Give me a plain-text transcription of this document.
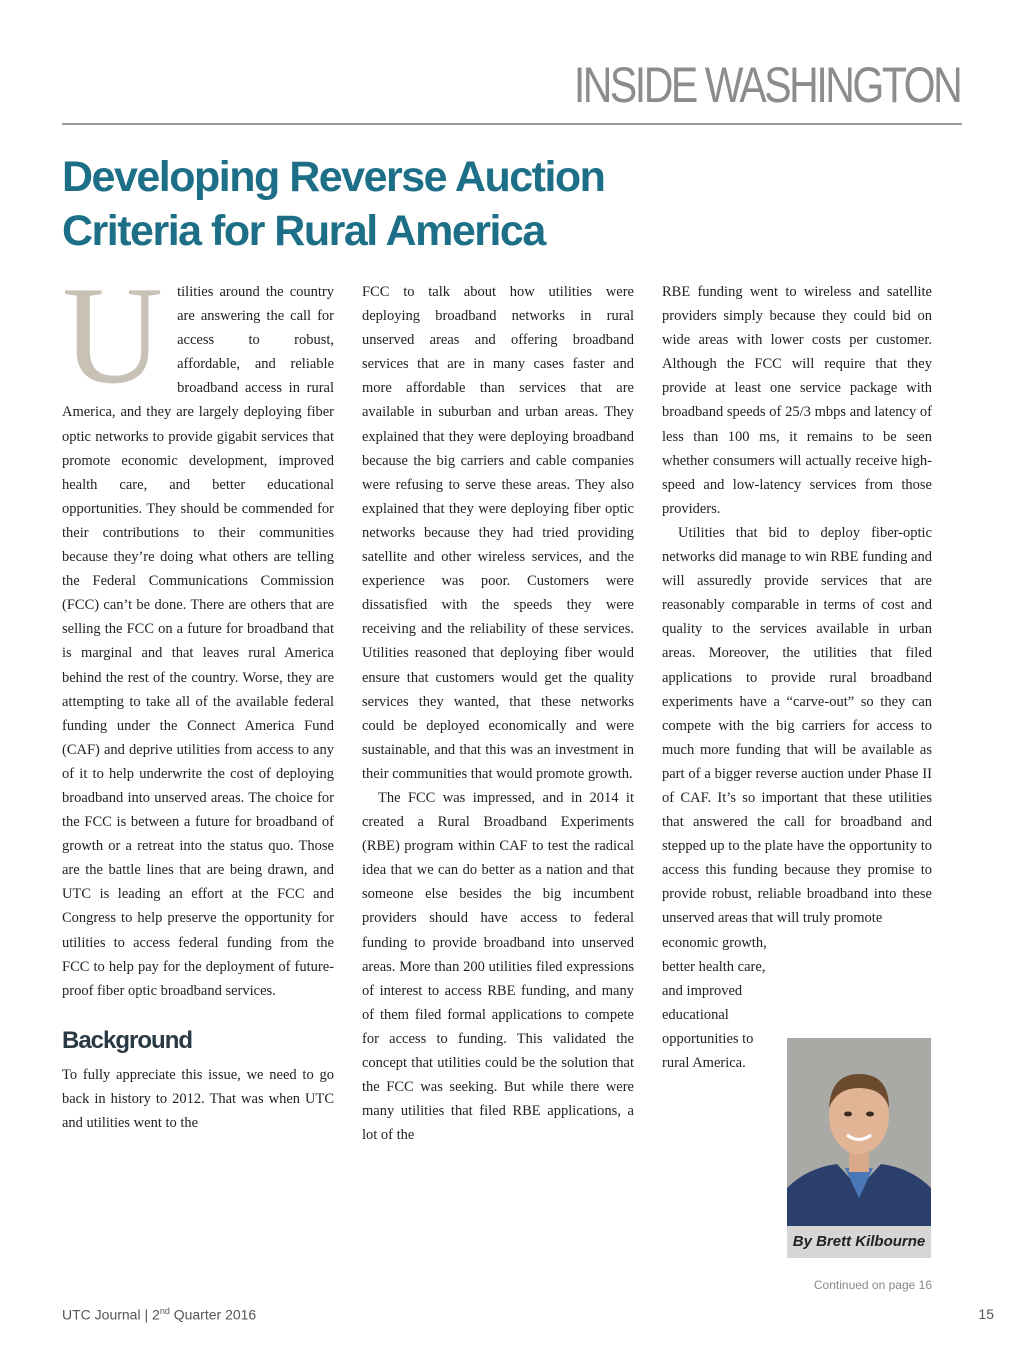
INSIDE WASHINGTON
Developing Reverse Auction
Criteria for Rural America

Utilities around the country are answering the call for access to robust, affordable, and reliable broadband access in rural America, and they are largely deploying fiber optic networks to provide gigabit services that promote economic development, improved health care, and better educational opportunities. They should be commended for their contributions to their communities because they’re doing what others are telling the Federal Communications Commission (FCC) can’t be done. There are others that are selling the FCC on a future for broadband that is marginal and that leaves rural America behind the rest of the country. Worse, they are attempting to take all of the available federal funding under the Connect America Fund (CAF) and deprive utilities from access to any of it to help underwrite the cost of deploying broadband into unserved areas. The choice for the FCC is between a future for broadband of growth or a retreat into the status quo. Those are the battle lines that are being drawn, and UTC is leading an effort at the FCC and Congress to help preserve the opportunity for utilities to access federal funding from the FCC to help pay for the deployment of future-proof fiber optic broadband services.

Background

To fully appreciate this issue, we need to go back in history to 2012. That was when UTC and utilities went to the

FCC to talk about how utilities were deploying broadband networks in rural unserved areas and offering broadband services that are in many cases faster and more affordable than services that are available in suburban and urban areas. They explained that they were deploying broadband because the big carriers and cable companies were refusing to serve these areas. They also explained that they were deploying fiber optic networks because they had tried providing satellite and other wireless services, and the experience was poor. Customers were dissatisfied with the speeds they were receiving and the reliability of these services. Utilities reasoned that deploying fiber would ensure that customers would get the quality services they wanted, that these networks could be deployed economically and were sustainable, and that this was an investment in their communities that would promote growth.

The FCC was impressed, and in 2014 it created a Rural Broadband Experiments (RBE) program within CAF to test the radical idea that we can do better as a nation and that someone else besides the big incumbent providers should have access to federal funding to provide broadband into unserved areas. More than 200 utilities filed expressions of interest to access RBE funding, and many of them filed formal applications to compete for access to funding. This validated the concept that utilities could be the solution that the FCC was seeking. But while there were many utilities that filed RBE applications, a lot of the

RBE funding went to wireless and satellite providers simply because they could bid on wide areas with lower costs per customer. Although the FCC will require that they provide at least one service package with broadband speeds of 25/3 mbps and latency of less than 100 ms, it remains to be seen whether consumers will actually receive high-speed and low-latency services from those providers.

Utilities that bid to deploy fiber-optic networks did manage to win RBE funding and will assuredly provide services that are reasonably comparable in terms of cost and quality to the services available in urban areas. Moreover, the utilities that filed applications to provide rural broadband experiments have a “carve-out” so they can compete with the big carriers for access to much more funding that will be available as part of a bigger reverse auction under Phase II of CAF. It’s so important that these utilities that answered the call for broadband and stepped up to the plate have the opportunity to access this funding because they promise to provide robust, reliable broadband into these unserved areas that will truly promote

economic growth, better health care, and improved educational opportunities to rural America.

By Brett Kilbourne
Continued on page 16
UTC Journal | 2nd Quarter 2016	15
